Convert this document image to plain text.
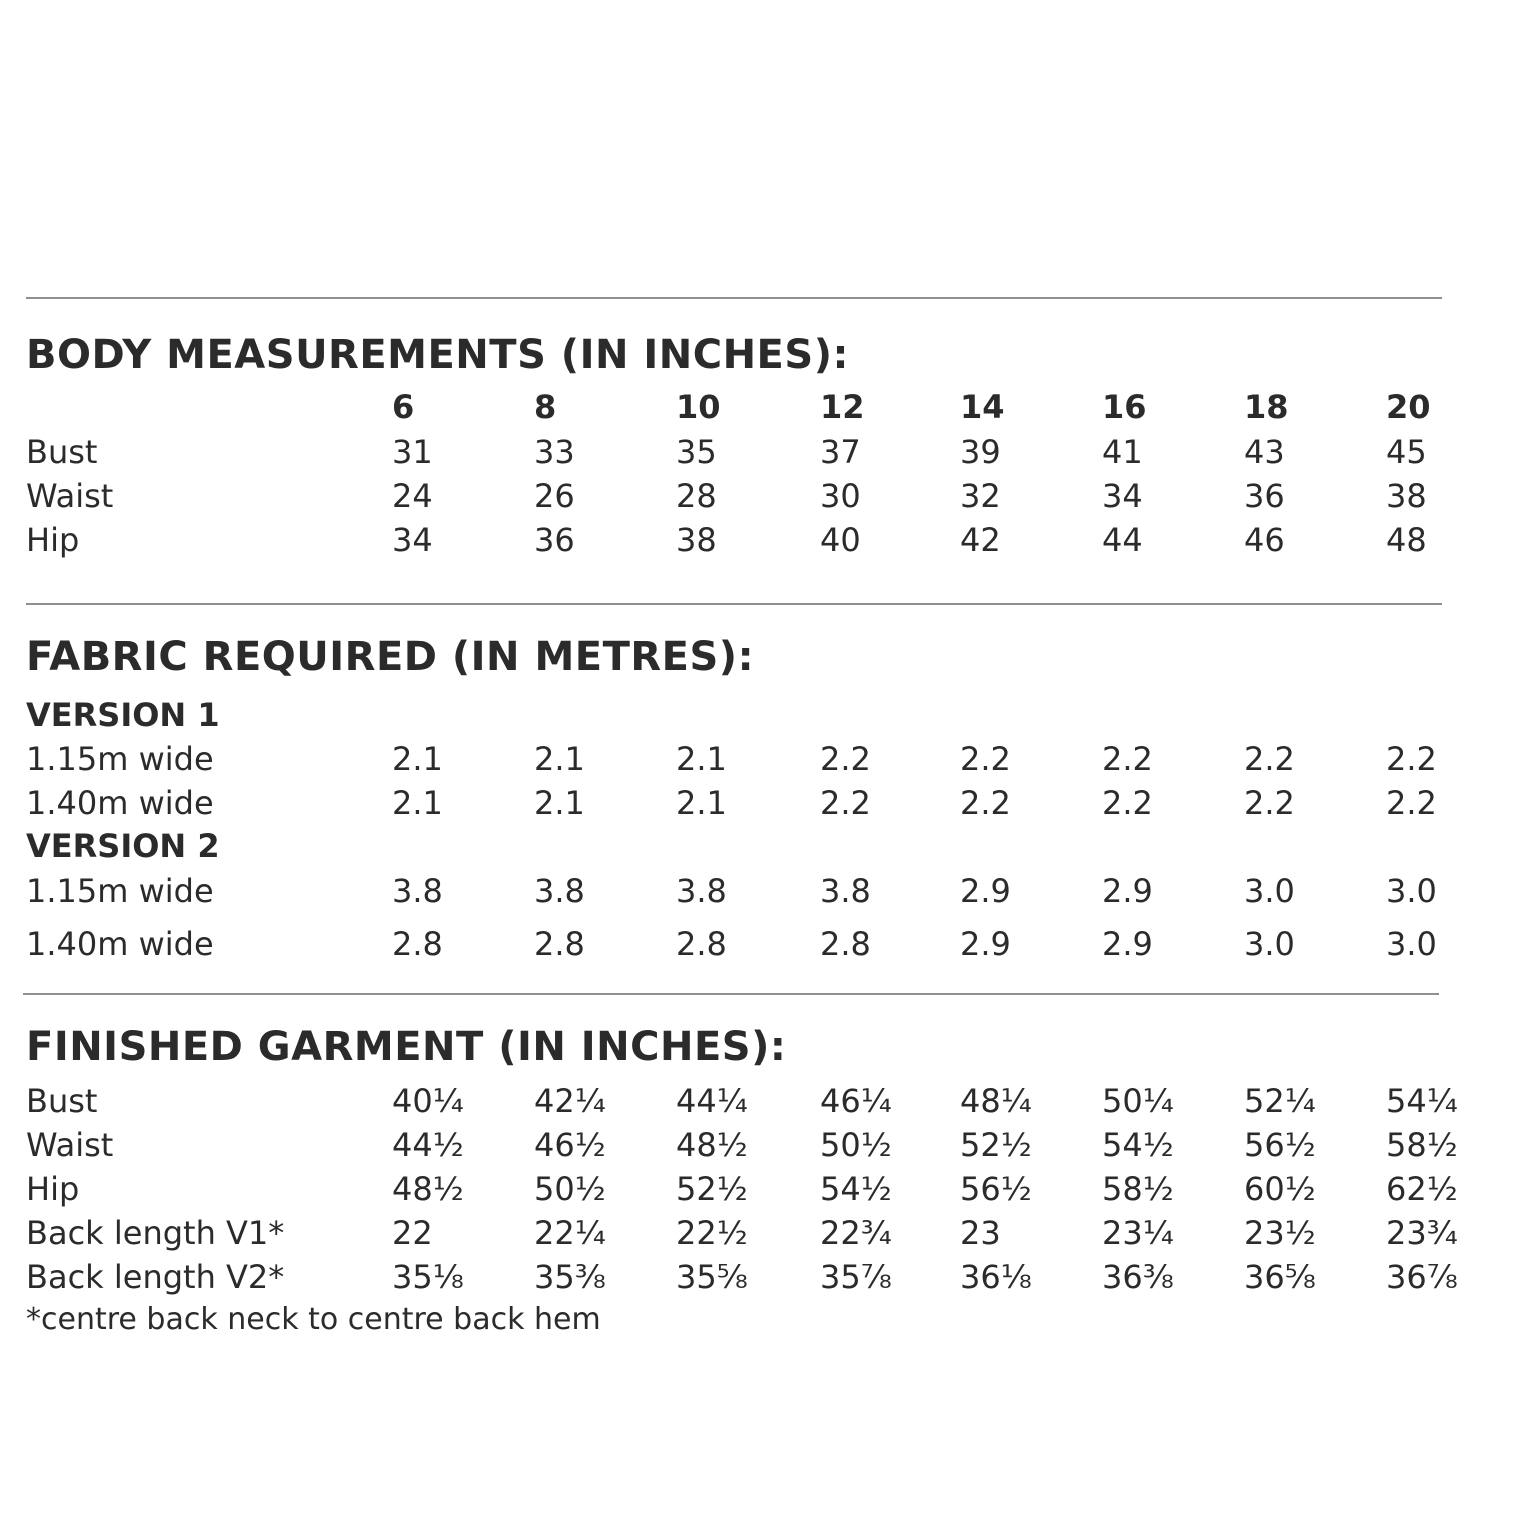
BODY MEASUREMENTS (IN INCHES):
6	8	10	12	14	16	18	20
Bust	31	33	35	37	39	41	43	45
Waist	24	26	28	30	32	34	36	38
Hip	34	36	38	40	42	44	46	48
FABRIC REQUIRED (IN METRES):
VERSION 1
1.15m wide	2.1	2.1	2.1	2.2	2.2	2.2	2.2	2.2
1.40m wide	2.1	2.1	2.1	2.2	2.2	2.2	2.2	2.2
VERSION 2
1.15m wide	3.8	3.8	3.8	3.8	2.9	2.9	3.0	3.0
1.40m wide	2.8	2.8	2.8	2.8	2.9	2.9	3.0	3.0
FINISHED GARMENT (IN INCHES):
Bust	40¼ 42¼ 44¼ 46¼ 48¼ 50¼ 52¼ 54¼
Waist	44½ 46½ 48½ 50½ 52½ 54½ 56½ 58½
Hip	48½ 50½ 52½ 54½ 56½ 58½ 60½ 62½
Back length V1*	22	22¼ 22½ 22¾ 23	23¼ 23½ 23¾
Back length V2*	35⅛ 35⅜ 35⅝ 35⅞ 36⅛ 36⅜ 36⅝ 36⅞
*centre back neck to centre back hem
